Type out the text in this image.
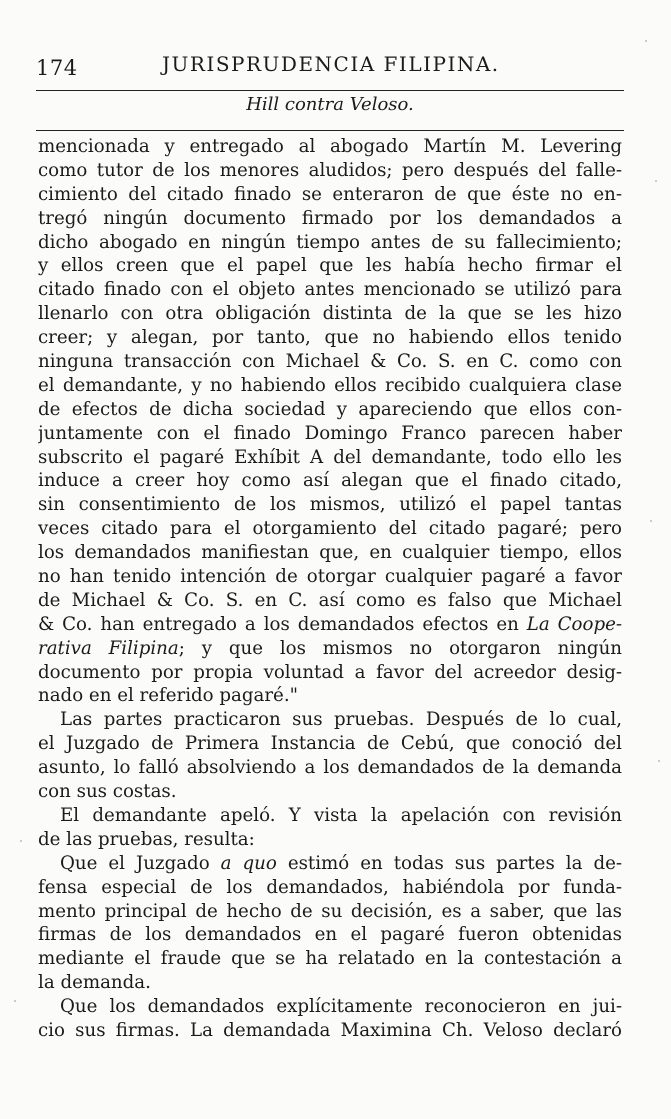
174	JURISPRUDENCIA FILIPINA.
Hill contra Veloso.
mencionada y entregado al abogado Martín M. Levering
como tutor de los menores aludidos; pero después del falle-
cimiento del citado finado se enteraron de que éste no en-
tregó ningún documento firmado por los demandados a
dicho abogado en ningún tiempo antes de su fallecimiento;
y ellos creen que el papel que les había hecho firmar el
citado finado con el objeto antes mencionado se utilizó para
llenarlo con otra obligación distinta de la que se les hizo
creer; y alegan, por tanto, que no habiendo ellos tenido
ninguna transacción con Michael & Co. S. en C. como con
el demandante, y no habiendo ellos recibido cualquiera clase
de efectos de dicha sociedad y apareciendo que ellos con-
juntamente con el finado Domingo Franco parecen haber
subscrito el pagaré Exhíbit A del demandante, todo ello les
induce a creer hoy como así alegan que el finado citado,
sin consentimiento de los mismos, utilizó el papel tantas
veces citado para el otorgamiento del citado pagaré; pero
los demandados manifiestan que, en cualquier tiempo, ellos
no han tenido intención de otorgar cualquier pagaré a favor
de Michael & Co. S. en C. así como es falso que Michael
& Co. han entregado a los demandados efectos en La Coope-
rativa Filipina; y que los mismos no otorgaron ningún
documento por propia voluntad a favor del acreedor desig-
nado en el referido pagaré."
Las partes practicaron sus pruebas. Después de lo cual,
el Juzgado de Primera Instancia de Cebú, que conoció del
asunto, lo falló absolviendo a los demandados de la demanda
con sus costas.
El demandante apeló. Y vista la apelación con revisión
de las pruebas, resulta:
Que el Juzgado a quo estimó en todas sus partes la de-
fensa especial de los demandados, habiéndola por funda-
mento principal de hecho de su decisión, es a saber, que las
firmas de los demandados en el pagaré fueron obtenidas
mediante el fraude que se ha relatado en la contestación a
la demanda.
Que los demandados explícitamente reconocieron en jui-
cio sus firmas. La demandada Maximina Ch. Veloso declaró
